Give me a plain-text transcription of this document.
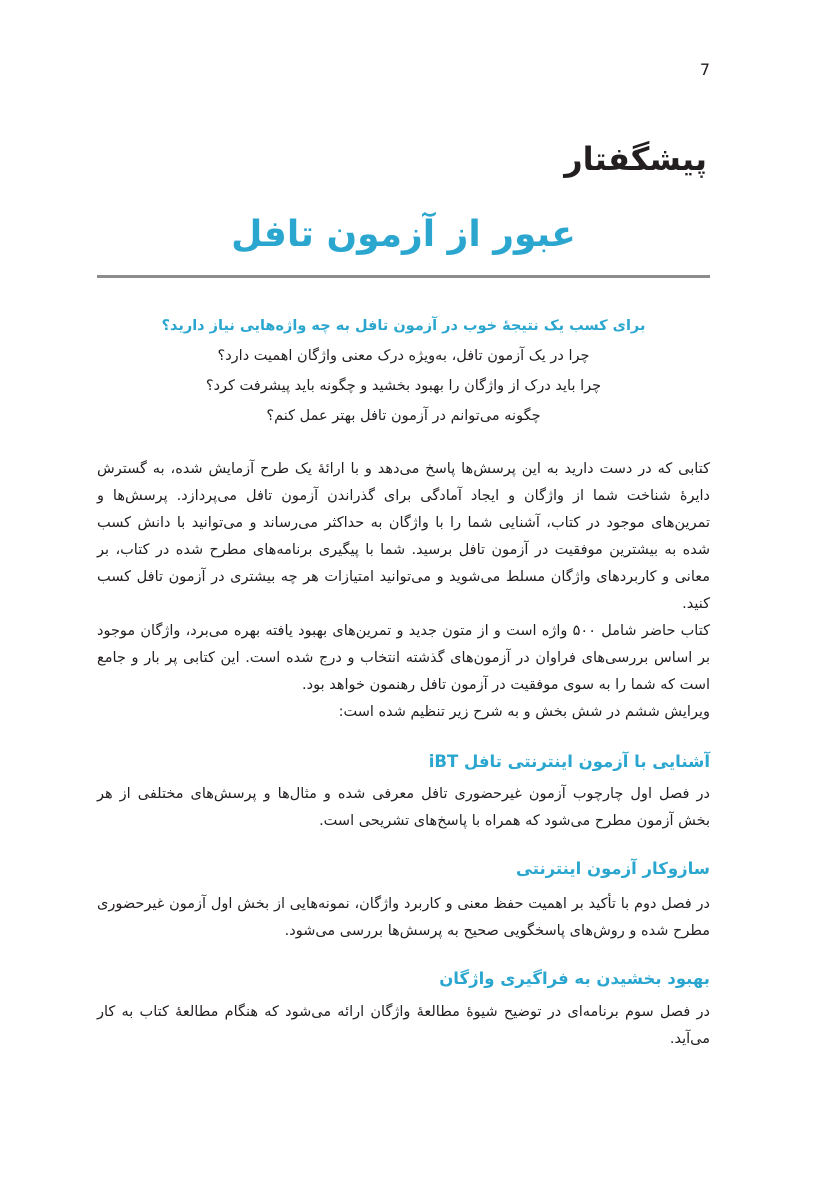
7
پیشگفتار
عبور از آزمون تافل
برای کسب یک نتیجۀ خوب در آزمون تافل به چه واژه‌هایی نیاز دارید؟
چرا در یک آزمون تافل، به‌ویژه درک معنی واژگان اهمیت دارد؟
چرا باید درک از واژگان را بهبود بخشید و چگونه باید پیشرفت کرد؟
چگونه می‌توانم در آزمون تافل بهتر عمل کنم؟

کتابی که در دست دارید به این پرسش‌ها پاسخ می‌دهد و با ارائۀ یک طرح آزمایش شده، به گسترش دایرۀ شناخت شما از واژگان و ایجاد آمادگی برای گذراندن آزمون تافل می‌پردازد. پرسش‌ها و تمرین‌های موجود در کتاب، آشنایی شما را با واژگان به حداکثر می‌رساند و می‌توانید با دانش کسب شده به بیشترین موفقیت در آزمون تافل برسید. شما با پیگیری برنامه‌های مطرح شده در کتاب، بر معانی و کاربردهای واژگان مسلط می‌شوید و می‌توانید امتیازات هر چه بیشتری در آزمون تافل کسب کنید.

کتاب حاضر شامل ۵۰۰ واژه است و از متون جدید و تمرین‌های بهبود یافته بهره می‌برد، واژگان موجود بر اساس بررسی‌های فراوان در آزمون‌های گذشته انتخاب و درج شده است. این کتابی پر بار و جامع است که شما را به سوی موفقیت در آزمون تافل رهنمون خواهد بود.

ویرایش ششم در شش بخش و به شرح زیر تنظیم شده است:

آشنایی با آزمون اینترنتی تافل iBT

در فصل اول چارچوب آزمون غیرحضوری تافل معرفی شده و مثال‌ها و پرسش‌های مختلفی از هر بخش آزمون مطرح می‌شود که همراه با پاسخ‌های تشریحی است.

سازوکار آزمون اینترنتی

در فصل دوم با تأکید بر اهمیت حفظ معنی و کاربرد واژگان، نمونه‌هایی از بخش اول آزمون غیرحضوری مطرح شده و روش‌های پاسخگویی صحیح به پرسش‌ها بررسی می‌شود.

بهبود بخشیدن به فراگیری واژگان

در فصل سوم برنامه‌ای در توضیح شیوۀ مطالعۀ واژگان ارائه می‌شود که هنگام مطالعۀ کتاب به کار می‌آید.
